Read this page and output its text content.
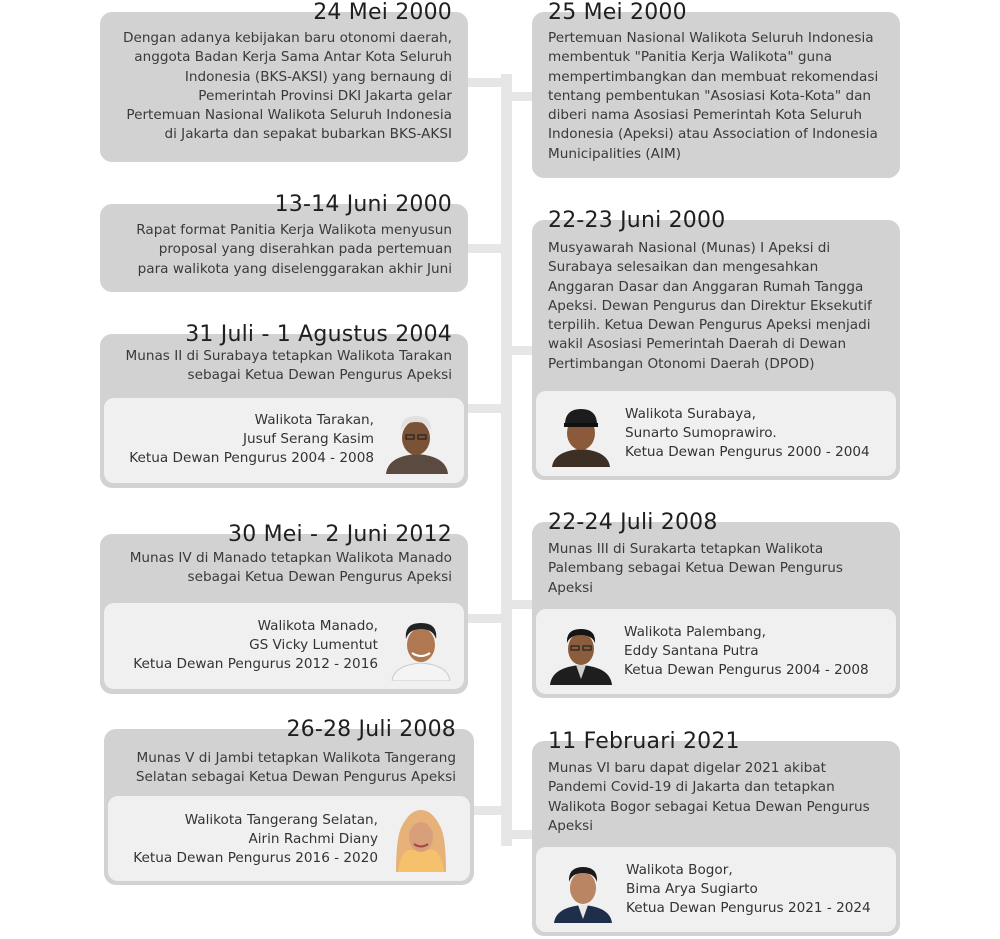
24 Mei 2000
Dengan adanya kebijakan baru otonomi daerah,
anggota Badan Kerja Sama Antar Kota Seluruh
Indonesia (BKS-AKSI) yang bernaung di
Pemerintah Provinsi DKI Jakarta gelar
Pertemuan Nasional Walikota Seluruh Indonesia
di Jakarta dan sepakat bubarkan BKS-AKSI
25 Mei 2000
Pertemuan Nasional Walikota Seluruh Indonesia
membentuk "Panitia Kerja Walikota" guna
mempertimbangkan dan membuat rekomendasi
tentang pembentukan "Asosiasi Kota-Kota" dan
diberi nama Asosiasi Pemerintah Kota Seluruh
Indonesia (Apeksi) atau Association of Indonesia
Municipalities (AIM)
13-14 Juni 2000
Rapat format Panitia Kerja Walikota menyusun
proposal yang diserahkan pada pertemuan
para walikota yang diselenggarakan akhir Juni
22-23 Juni 2000
Musyawarah Nasional (Munas) I Apeksi di
Surabaya selesaikan dan mengesahkan
Anggaran Dasar dan Anggaran Rumah Tangga
Apeksi. Dewan Pengurus dan Direktur Eksekutif
terpilih. Ketua Dewan Pengurus Apeksi menjadi
wakil Asosiasi Pemerintah Daerah di Dewan
Pertimbangan Otonomi Daerah (DPOD)
Walikota Surabaya,
Sunarto Sumoprawiro.
Ketua Dewan Pengurus 2000 - 2004
31 Juli - 1 Agustus 2004
Munas II di Surabaya tetapkan Walikota Tarakan
sebagai Ketua Dewan Pengurus Apeksi
Walikota Tarakan,
Jusuf Serang Kasim
Ketua Dewan Pengurus 2004 - 2008
22-24 Juli 2008
Munas III di Surakarta tetapkan Walikota
Palembang sebagai Ketua Dewan Pengurus
Apeksi
Walikota Palembang,
Eddy Santana Putra
Ketua Dewan Pengurus 2004 - 2008
30 Mei - 2 Juni 2012
Munas IV di Manado tetapkan Walikota Manado
sebagai Ketua Dewan Pengurus Apeksi
Walikota Manado,
GS Vicky Lumentut
Ketua Dewan Pengurus 2012 - 2016
26-28 Juli 2008
Munas V di Jambi tetapkan Walikota Tangerang
Selatan sebagai Ketua Dewan Pengurus Apeksi
Walikota Tangerang Selatan,
Airin Rachmi Diany
Ketua Dewan Pengurus 2016 - 2020
11 Februari 2021
Munas VI baru dapat digelar 2021 akibat
Pandemi Covid-19 di Jakarta dan tetapkan
Walikota Bogor sebagai Ketua Dewan Pengurus
Apeksi
Walikota Bogor,
Bima Arya Sugiarto
Ketua Dewan Pengurus 2021 - 2024
